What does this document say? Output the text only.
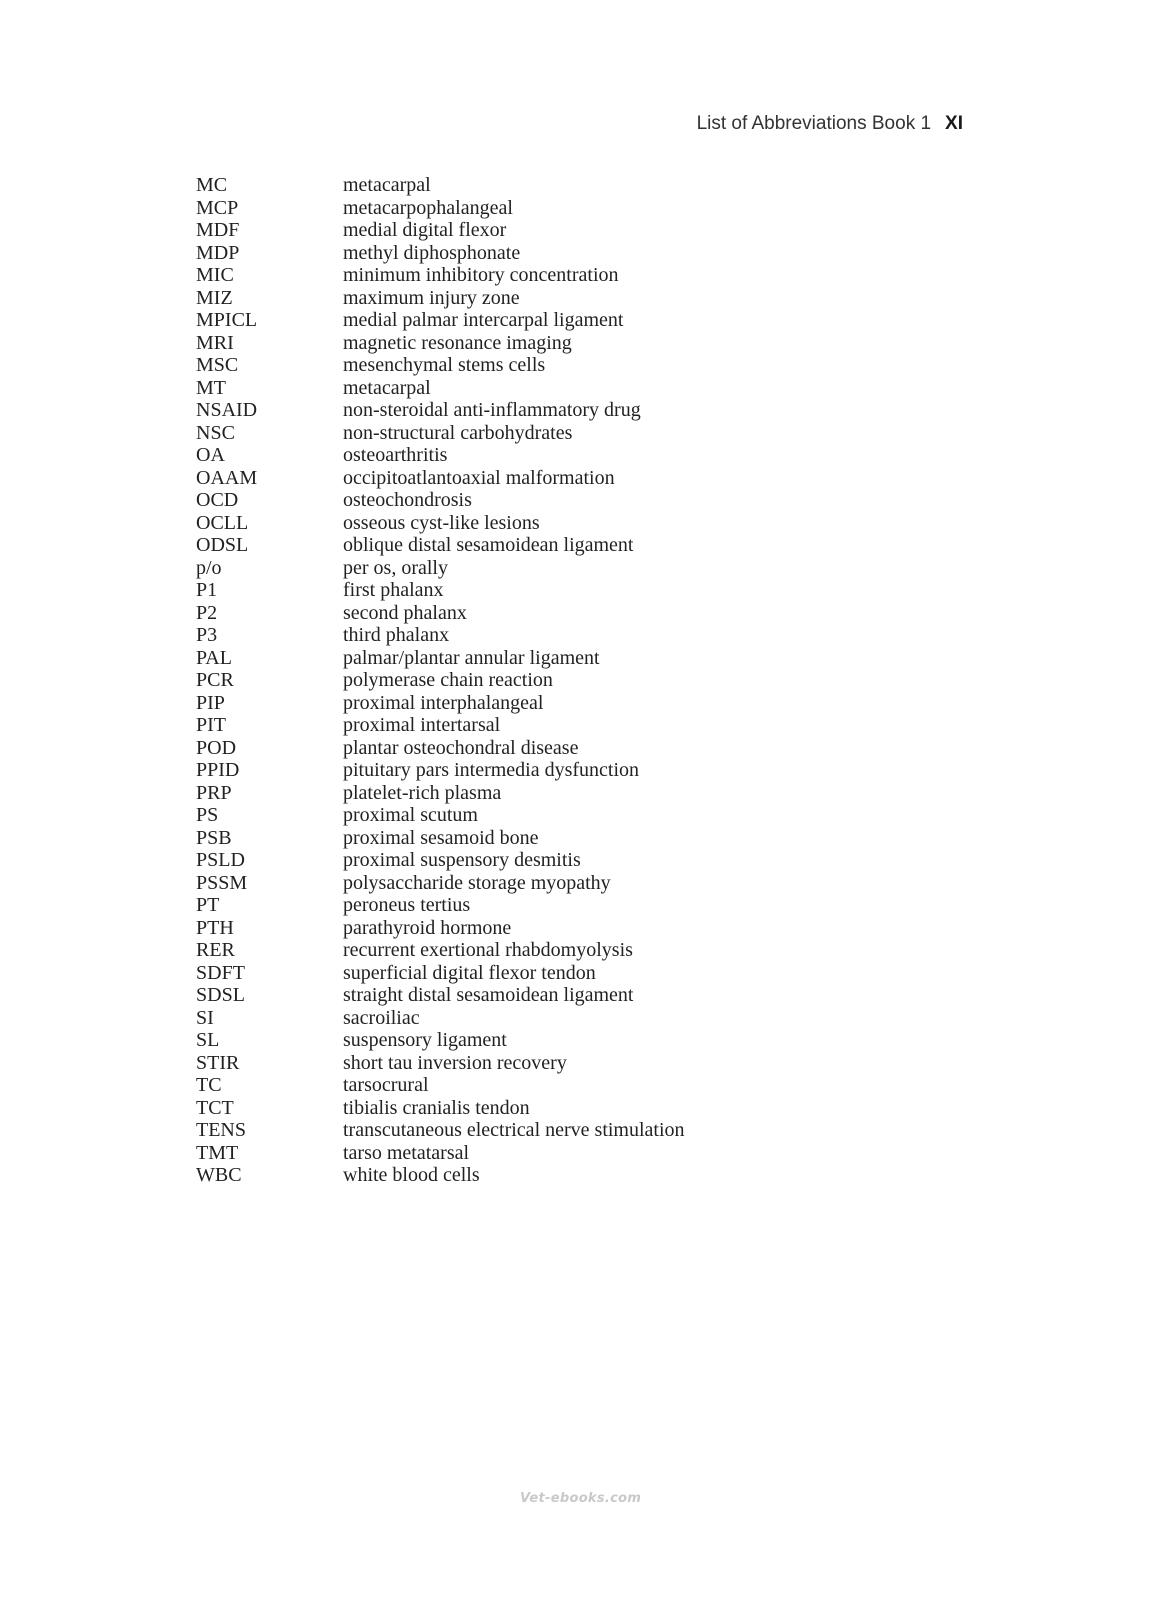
List of Abbreviations Book 1 XI
MC	metacarpal
MCP	metacarpophalangeal
MDF	medial digital flexor
MDP	methyl diphosphonate
MIC	minimum inhibitory concentration
MIZ	maximum injury zone
MPICL	medial palmar intercarpal ligament
MRI	magnetic resonance imaging
MSC	mesenchymal stems cells
MT	metacarpal
NSAID	non-steroidal anti-inflammatory drug
NSC	non-structural carbohydrates
OA	osteoarthritis
OAAM	occipitoatlantoaxial malformation
OCD	osteochondrosis
OCLL	osseous cyst-like lesions
ODSL	oblique distal sesamoidean ligament
p/o	per os, orally
P1	first phalanx
P2	second phalanx
P3	third phalanx
PAL	palmar/plantar annular ligament
PCR	polymerase chain reaction
PIP	proximal interphalangeal
PIT	proximal intertarsal
POD	plantar osteochondral disease
PPID	pituitary pars intermedia dysfunction
PRP	platelet-rich plasma
PS	proximal scutum
PSB	proximal sesamoid bone
PSLD	proximal suspensory desmitis
PSSM	polysaccharide storage myopathy
PT	peroneus tertius
PTH	parathyroid hormone
RER	recurrent exertional rhabdomyolysis
SDFT	superficial digital flexor tendon
SDSL	straight distal sesamoidean ligament
SI	sacroiliac
SL	suspensory ligament
STIR	short tau inversion recovery
TC	tarsocrural
TCT	tibialis cranialis tendon
TENS	transcutaneous electrical nerve stimulation
TMT	tarso metatarsal
WBC	white blood cells
Vet-ebooks.com
